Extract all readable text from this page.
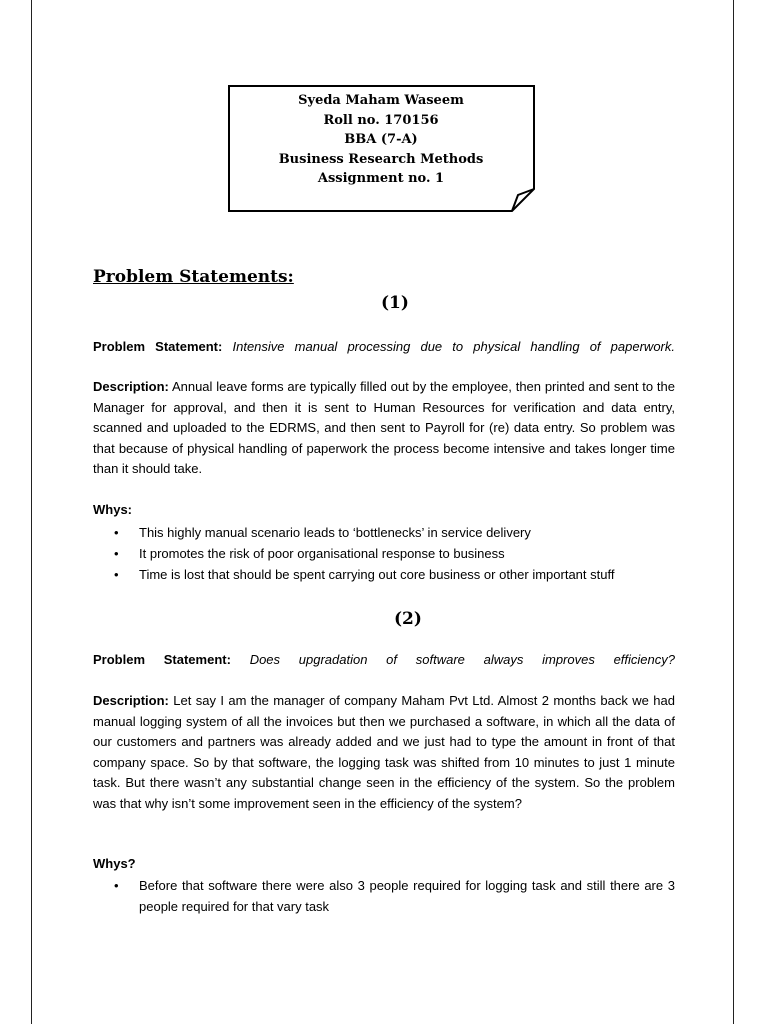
Syeda Maham Waseem
Roll no. 170156
BBA (7-A)
Business Research Methods
Assignment no. 1
Problem Statements:
(1)
Problem Statement: Intensive manual processing due to physical handling of paperwork.
Description: Annual leave forms are typically filled out by the employee, then printed and sent to the Manager for approval, and then it is sent to Human Resources for verification and data entry, scanned and uploaded to the EDRMS, and then sent to Payroll for (re) data entry. So problem was that because of physical handling of paperwork the process become intensive and takes longer time than it should take.
Whys:
• This highly manual scenario leads to ‘bottlenecks’ in service delivery
• It promotes the risk of poor organisational response to business
• Time is lost that should be spent carrying out core business or other important stuff
(2)
Problem Statement: Does upgradation of software always improves efficiency?
Description: Let say I am the manager of company Maham Pvt Ltd. Almost 2 months back we had manual logging system of all the invoices but then we purchased a software, in which all the data of our customers and partners was already added and we just had to type the amount in front of that company space. So by that software, the logging task was shifted from 10 minutes to just 1 minute task. But there wasn’t any substantial change seen in the efficiency of the system. So the problem was that why isn’t some improvement seen in the efficiency of the system?
Whys?
• Before that software there were also 3 people required for logging task and still there are 3 people required for that vary task
